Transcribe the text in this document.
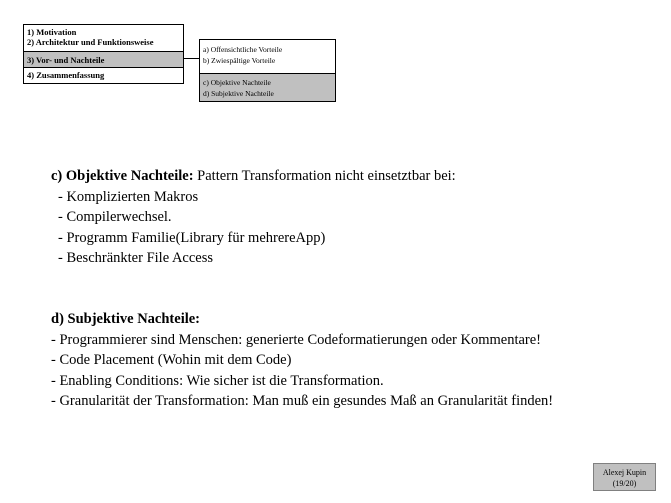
1) Motivation
2) Architektur und Funktionsweise
3) Vor- und Nachteile
4) Zusammenfassung
a) Offensichtliche Vorteile
b) Zwiespältige Vorteile
c) Objektive Nachteile
d) Subjektive Nachteile
c) Objektive Nachteile: Pattern Transformation nicht einsetztbar bei:
- Komplizierten Makros
- Compilerwechsel.
- Programm Familie(Library für mehrereApp)
- Beschränkter File Access
d) Subjektive Nachteile:
- Programmierer sind Menschen: generierte Codeformatierungen oder Kommentare!
- Code Placement (Wohin mit dem Code)
- Enabling Conditions: Wie sicher ist die Transformation.
- Granularität der Transformation: Man muß ein gesundes Maß an Granularität finden!
Alexej Kupin
(19/20)
